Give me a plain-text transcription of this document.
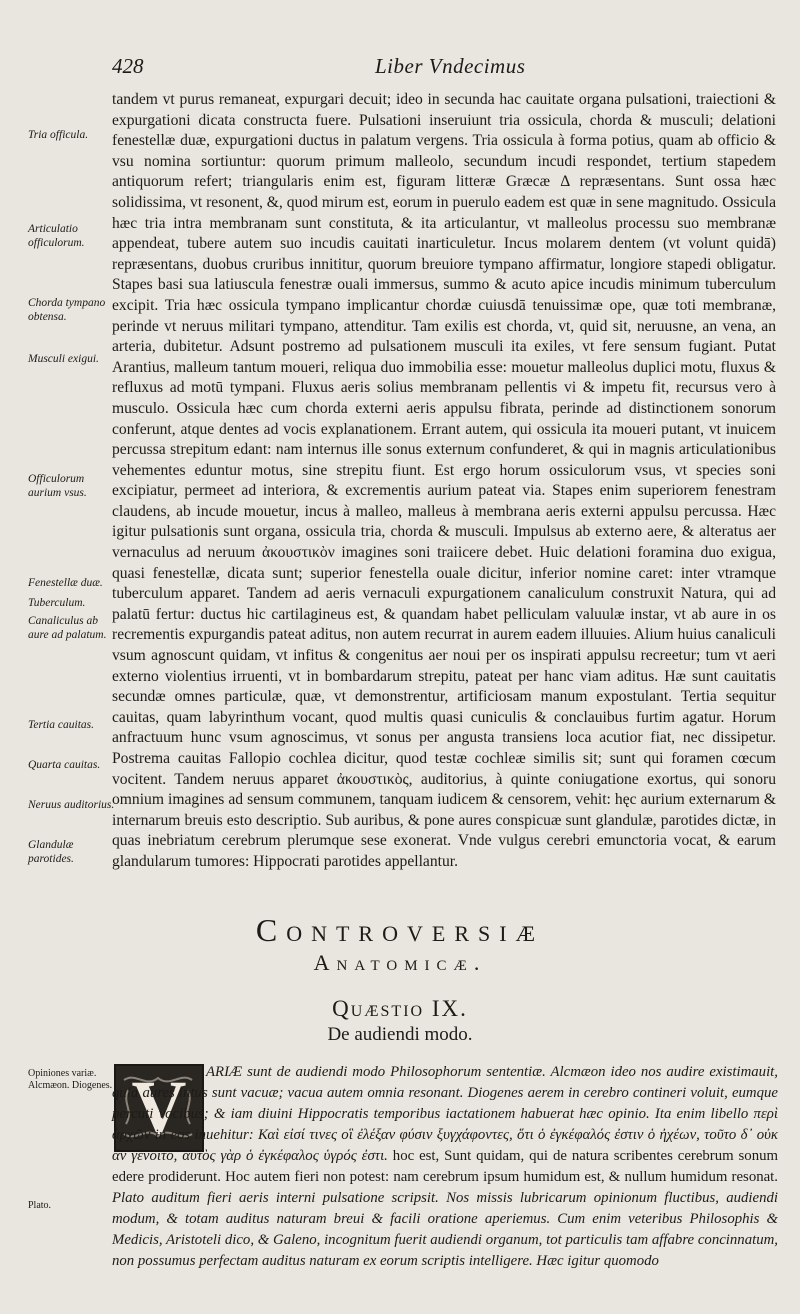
428	Liber Vndecimus
Tria officula.
Articulatio officulorum.
Chorda tympano obtensa.
Musculi exigui.
Officulorum aurium vsus.
Fenestellæ duæ.
Tuberculum.
Canaliculus ab aure ad palatum.
Tertia cauitas.
Quarta cauitas.
Neruus auditorius.
Glandulæ parotides.
Opiniones variæ. Alcmæon. Diogenes.
Plato.

tandem vt purus remaneat, expurgari decuit; ideo in secunda hac cauitate organa pulsationi, traiectioni & expurgationi dicata constructa fuere. Pulsationi inseruiunt tria ossicula, chorda & musculi; delationi fenestellæ duæ, expurgationi ductus in palatum vergens. Tria ossicula à forma potius, quam ab officio & vsu nomina sortiuntur: quorum primum malleolo, secundum incudi respondet, tertium stapedem antiquorum refert; triangularis enim est, figuram litteræ Græcæ Δ repræsentans. Sunt ossa hæc solidissima, vt resonent, &, quod mirum est, eorum in puerulo eadem est quæ in sene magnitudo. Ossicula hæc tria intra membranam sunt constituta, & ita articulantur, vt malleolus processu suo membranæ appendeat, tubere autem suo incudis cauitati inarticuletur. Incus molarem dentem (vt volunt quidā) repræsentans, duobus cruribus innititur, quorum breuiore tympano affirmatur, longiore stapedi obligatur. Stapes basi sua latiuscula fenestræ ouali immersus, summo & acuto apice incudis minimum tuberculum excipit. Tria hæc ossicula tympano implicantur chordæ cuiusdā tenuissimæ ope, quæ toti membranæ, perinde vt neruus militari tympano, attenditur. Tam exilis est chorda, vt, quid sit, neruusne, an vena, an arteria, dubitetur. Adsunt postremo ad pulsationem musculi ita exiles, vt fere sensum fugiant. Putat Arantius, malleum tantum moueri, reliqua duo immobilia esse: mouetur malleolus duplici motu, fluxus & refluxus ad motū tympani. Fluxus aeris solius membranam pellentis vi & impetu fit, recursus vero à musculo. Ossicula hæc cum chorda externi aeris appulsu fibrata, perinde ad distinctionem sonorum conferunt, atque dentes ad vocis explanationem. Errant autem, qui ossicula ita moueri putant, vt inuicem percussa strepitum edant: nam internus ille sonus externum confunderet, & qui in magnis articulationibus vehementes eduntur motus, sine strepitu fiunt. Est ergo horum ossiculorum vsus, vt species soni excipiatur, permeet ad interiora, & excrementis aurium pateat via. Stapes enim superiorem fenestram claudens, ab incude mouetur, incus à malleo, malleus à membrana aeris externi appulsu percussa. Hæc igitur pulsationis sunt organa, ossicula tria, chorda & musculi. Impulsus ab externo aere, & alteratus aer vernaculus ad neruum ἀκουστικὸν imagines soni traiicere debet. Huic delationi foramina duo exigua, quasi fenestellæ, dicata sunt; superior fenestella ouale dicitur, inferior nomine caret: inter vtramque tuberculum apparet. Tandem ad aeris vernaculi expurgationem canaliculum construxit Natura, qui ad palatū fertur: ductus hic cartilagineus est, & quandam habet pelliculam valuulæ instar, vt ab aure in os recrementis expurgandis pateat aditus, non autem recurrat in aurem eadem illuuies. Alium huius canaliculi vsum agnoscunt quidam, vt infitus & congenitus aer noui per os inspirati appulsu recreetur; tum vt aeri externo violentius irruenti, vt in bombardarum strepitu, pateat per hanc viam aditus. Hæ sunt cauitatis secundæ omnes particulæ, quæ, vt demonstrentur, artificiosam manum expostulant. Tertia sequitur cauitas, quam labyrinthum vocant, quod multis quasi cuniculis & conclauibus furtim agatur. Horum anfractuum hunc vsum agnoscimus, vt sonus per angusta transiens loca acutior fiat, nec dissipetur. Postrema cauitas Fallopio cochlea dicitur, quod testæ cochleæ similis sit; sunt qui foramen cœcum vocitent. Tandem neruus apparet ἀκουστικὸς, auditorius, à quinte coniugatione exortus, qui sonoru omnium imagines ad sensum communem, tanquam iudicem & censorem, vehit: hęc aurium externarum & internarum breuis esto descriptio. Sub auribus, & pone aures conspicuæ sunt glandulæ, parotides dictæ, in quas inebriatum cerebrum plerumque sese exonerat. Vnde vulgus cerebri emunctoria vocat, & earum glandularum tumores: Hippocrati parotides appellantur.

Controversiæ
Anatomicæ.
Quæstio IX.
De audiendi modo.
V	ARIÆ sunt de audiendi modo Philosophorum sententiæ. Alcmæon ideo nos audire existimauit, quia aures intus sunt vacuæ; vacua autem omnia resonant. Diogenes aerem in cerebro contineri voluit, eumque percuti vocibus; & iam diuini Hippocratis temporibus iactationem habuerat hæc opinio. Ita enim libello περὶ ἀρχῶν in eos inuehitur: Καὶ εἰσί τινες οἳ ἐλέξαν φύσιν ξυγχάφοντες, ὅτι ὁ ἐγκέφαλός ἐστιν ὁ ἠχέων, τοῦτο δ᾽ οὐκ ἂν γένοιτο, αὐτὸς γὰρ ὁ ἐγκέφαλος ὑγρός ἐστι. hoc est, Sunt quidam, qui de natura scribentes cerebrum sonum edere prodiderunt. Hoc autem fieri non potest: nam cerebrum ipsum humidum est, & nullum humidum resonat. Plato auditum fieri aeris interni pulsatione scripsit. Nos missis lubricarum opinionum fluctibus, audiendi modum, & totam auditus naturam breui & facili oratione aperiemus. Cum enim veteribus Philosophis & Medicis, Aristoteli dico, & Galeno, incognitum fuerit audiendi organum, tot particulis tam affabre concinnatum, non possumus perfectam auditus naturam ex eorum scriptis intelligere. Hæc igitur quomodo
